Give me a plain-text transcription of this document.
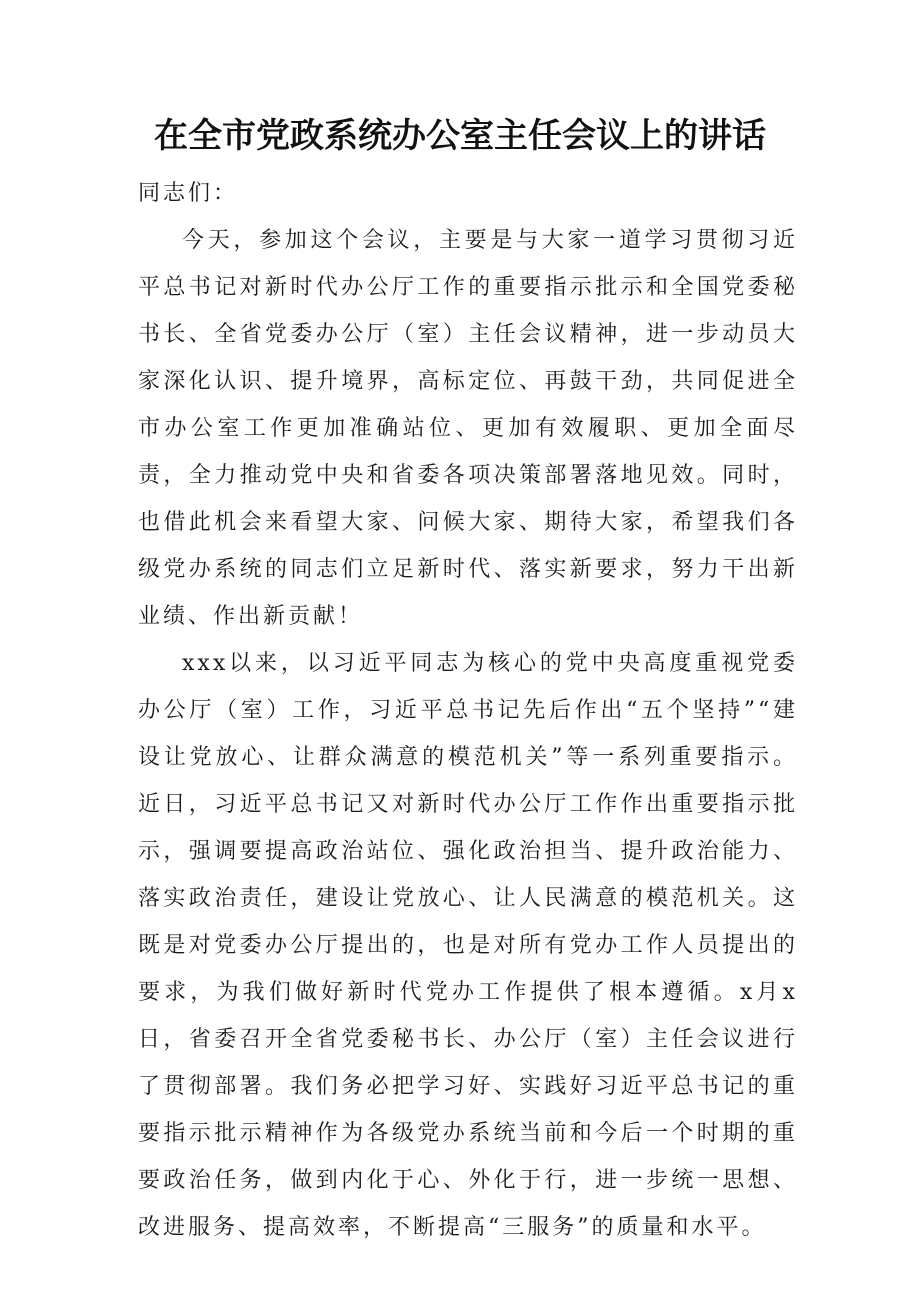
在全市党政系统办公室主任会议上的讲话

同志们：

今天，参加这个会议，主要是与大家一道学习贯彻习近平总书记对新时代办公厅工作的重要指示批示和全国党委秘书长、全省党委办公厅（室）主任会议精神，进一步动员大家深化认识、提升境界，高标定位、再鼓干劲，共同促进全市办公室工作更加准确站位、更加有效履职、更加全面尽责，全力推动党中央和省委各项决策部署落地见效。同时，也借此机会来看望大家、问候大家、期待大家，希望我们各级党办系统的同志们立足新时代、落实新要求，努力干出新业绩、作出新贡献！

xxx以来，以习近平同志为核心的党中央高度重视党委办公厅（室）工作，习近平总书记先后作出“五个坚持”“建设让党放心、让群众满意的模范机关”等一系列重要指示。近日，习近平总书记又对新时代办公厅工作作出重要指示批示，强调要提高政治站位、强化政治担当、提升政治能力、落实政治责任，建设让党放心、让人民满意的模范机关。这既是对党委办公厅提出的，也是对所有党办工作人员提出的要求，为我们做好新时代党办工作提供了根本遵循。x月x日，省委召开全省党委秘书长、办公厅（室）主任会议进行了贯彻部署。我们务必把学习好、实践好习近平总书记的重要指示批示精神作为各级党办系统当前和今后一个时期的重要政治任务，做到内化于心、外化于行，进一步统一思想、改进服务、提高效率，不断提高“三服务”的质量和水平。
